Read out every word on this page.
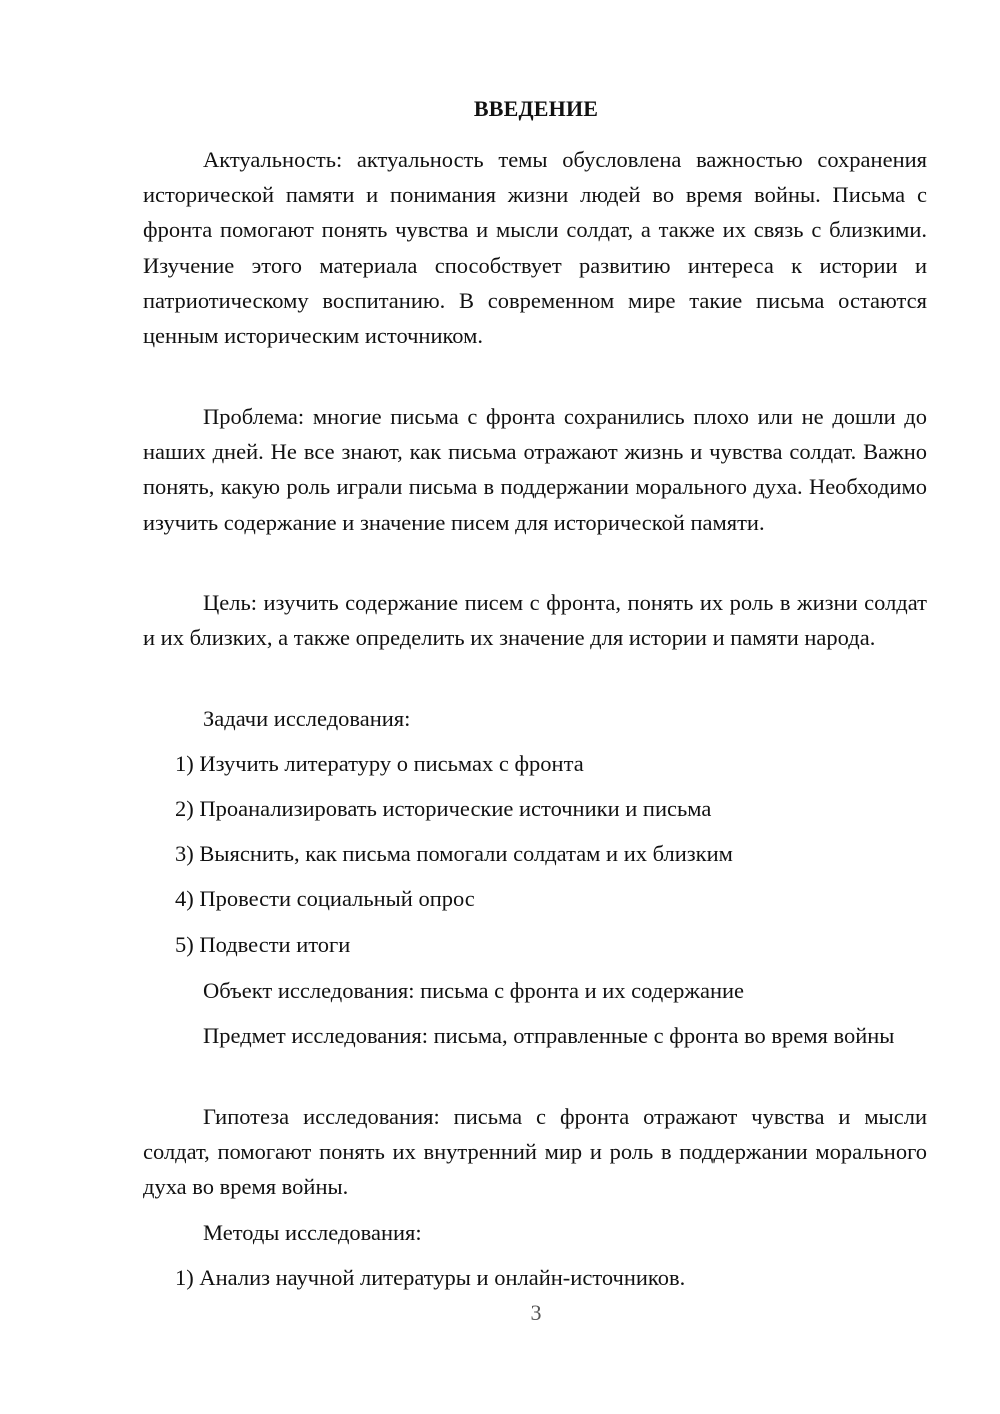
ВВЕДЕНИЕ

Актуальность: актуальность темы обусловлена важностью сохранения исторической памяти и понимания жизни людей во время войны. Письма с фронта помогают понять чувства и мысли солдат, а также их связь с близкими. Изучение этого материала способствует развитию интереса к истории и патриотическому воспитанию. В современном мире такие письма остаются ценным историческим источником.

Проблема: многие письма с фронта сохранились плохо или не дошли до наших дней. Не все знают, как письма отражают жизнь и чувства солдат. Важно понять, какую роль играли письма в поддержании морального духа. Необходимо изучить содержание и значение писем для исторической памяти.

Цель: изучить содержание писем с фронта, понять их роль в жизни солдат и их близких, а также определить их значение для истории и памяти народа.

Задачи исследования:
1) Изучить литературу о письмах с фронта
2) Проанализировать исторические источники и письма
3) Выяснить, как письма помогали солдатам и их близким
4) Провести социальный опрос
5) Подвести итоги
Объект исследования: письма с фронта и их содержание

Предмет исследования: письма, отправленные с фронта во время войны

Гипотеза исследования: письма с фронта отражают чувства и мысли солдат, помогают понять их внутренний мир и роль в поддержании морального духа во время войны.

Методы исследования:
1) Анализ научной литературы и онлайн-источников.
3
